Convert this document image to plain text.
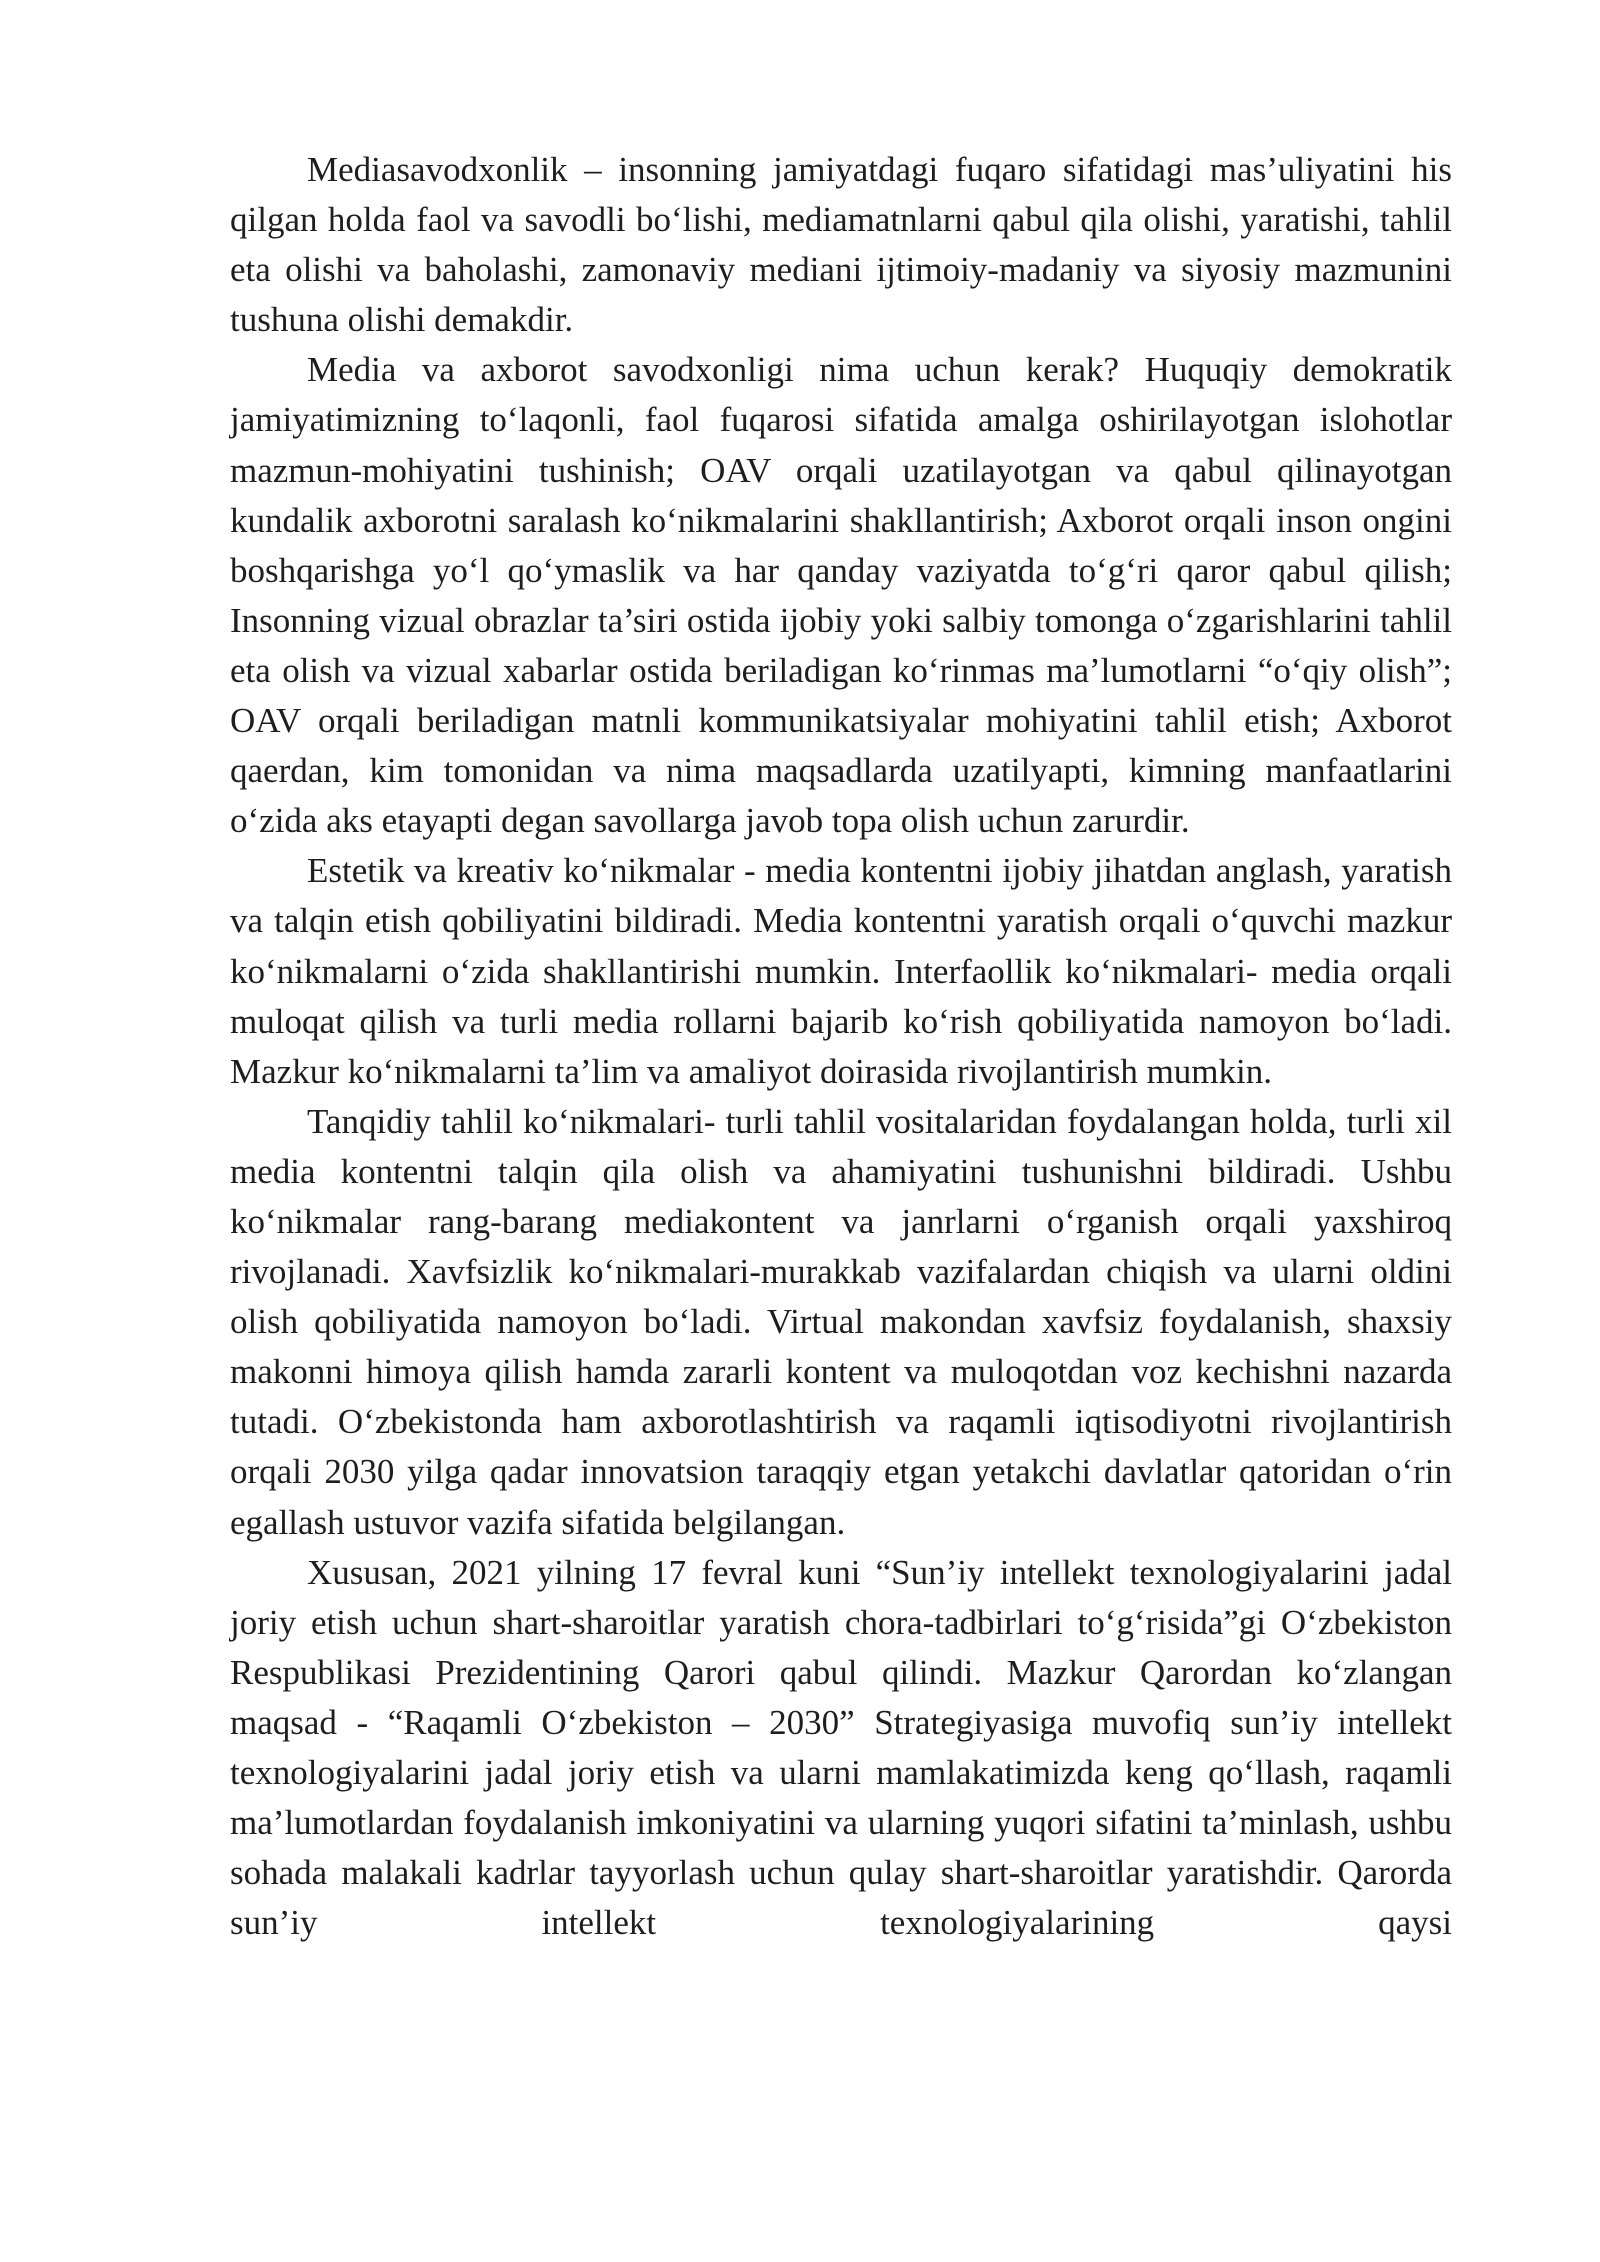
Mediasavodxonlik – insonning jamiyatdagi fuqaro sifatidagi mas’uliyatini his qilgan holda faol va savodli bo‘lishi, mediamatnlarni qabul qila olishi, yaratishi, tahlil eta olishi va baholashi, zamonaviy mediani ijtimoiy-madaniy va siyosiy mazmunini tushuna olishi demakdir.

Media va axborot savodxonligi nima uchun kerak? Huquqiy demokratik jamiyatimizning to‘laqonli, faol fuqarosi sifatida amalga oshirilayotgan islohotlar mazmun-mohiyatini tushinish; OAV orqali uzatilayotgan va qabul qilinayotgan kundalik axborotni saralash ko‘nikmalarini shakllantirish; Axborot orqali inson ongini boshqarishga yo‘l qo‘ymaslik va har qanday vaziyatda to‘g‘ri qaror qabul qilish; Insonning vizual obrazlar ta’siri ostida ijobiy yoki salbiy tomonga o‘zgarishlarini tahlil eta olish va vizual xabarlar ostida beriladigan ko‘rinmas ma’lumotlarni “o‘qiy olish”; OAV orqali beriladigan matnli kommunikatsiyalar mohiyatini tahlil etish; Axborot qaerdan, kim tomonidan va nima maqsadlarda uzatilyapti, kimning manfaatlarini o‘zida aks etayapti degan savollarga javob topa olish uchun zarurdir.

Estetik va kreativ ko‘nikmalar - media kontentni ijobiy jihatdan anglash, yaratish va talqin etish qobiliyatini bildiradi. Media kontentni yaratish orqali o‘quvchi mazkur ko‘nikmalarni o‘zida shakllantirishi mumkin. Interfaollik ko‘nikmalari- media orqali muloqat qilish va turli media rollarni bajarib ko‘rish qobiliyatida namoyon bo‘ladi. Mazkur ko‘nikmalarni ta’lim va amaliyot doirasida rivojlantirish mumkin.

Tanqidiy tahlil ko‘nikmalari- turli tahlil vositalaridan foydalangan holda, turli xil media kontentni talqin qila olish va ahamiyatini tushunishni bildiradi. Ushbu ko‘nikmalar rang-barang mediakontent va janrlarni o‘rganish orqali yaxshiroq rivojlanadi. Xavfsizlik ko‘nikmalari-murakkab vazifalardan chiqish va ularni oldini olish qobiliyatida namoyon bo‘ladi. Virtual makondan xavfsiz foydalanish, shaxsiy makonni himoya qilish hamda zararli kontent va muloqotdan voz kechishni nazarda tutadi. O‘zbekistonda ham axborotlashtirish va raqamli iqtisodiyotni rivojlantirish orqali 2030 yilga qadar innovatsion taraqqiy etgan yetakchi davlatlar qatoridan o‘rin egallash ustuvor vazifa sifatida belgilangan.

Xususan, 2021 yilning 17 fevral kuni “Sun’iy intellekt texnologiyalarini jadal joriy etish uchun shart-sharoitlar yaratish chora-tadbirlari to‘g‘risida”gi O‘zbekiston Respublikasi Prezidentining Qarori qabul qilindi. Mazkur Qarordan ko‘zlangan maqsad - “Raqamli O‘zbekiston – 2030” Strategiyasiga muvofiq sun’iy intellekt texnologiyalarini jadal joriy etish va ularni mamlakatimizda keng qo‘llash, raqamli ma’lumotlardan foydalanish imkoniyatini va ularning yuqori sifatini ta’minlash, ushbu sohada malakali kadrlar tayyorlash uchun qulay shart-sharoitlar yaratishdir. Qarorda sun’iy intellekt texnologiyalarining qaysi
